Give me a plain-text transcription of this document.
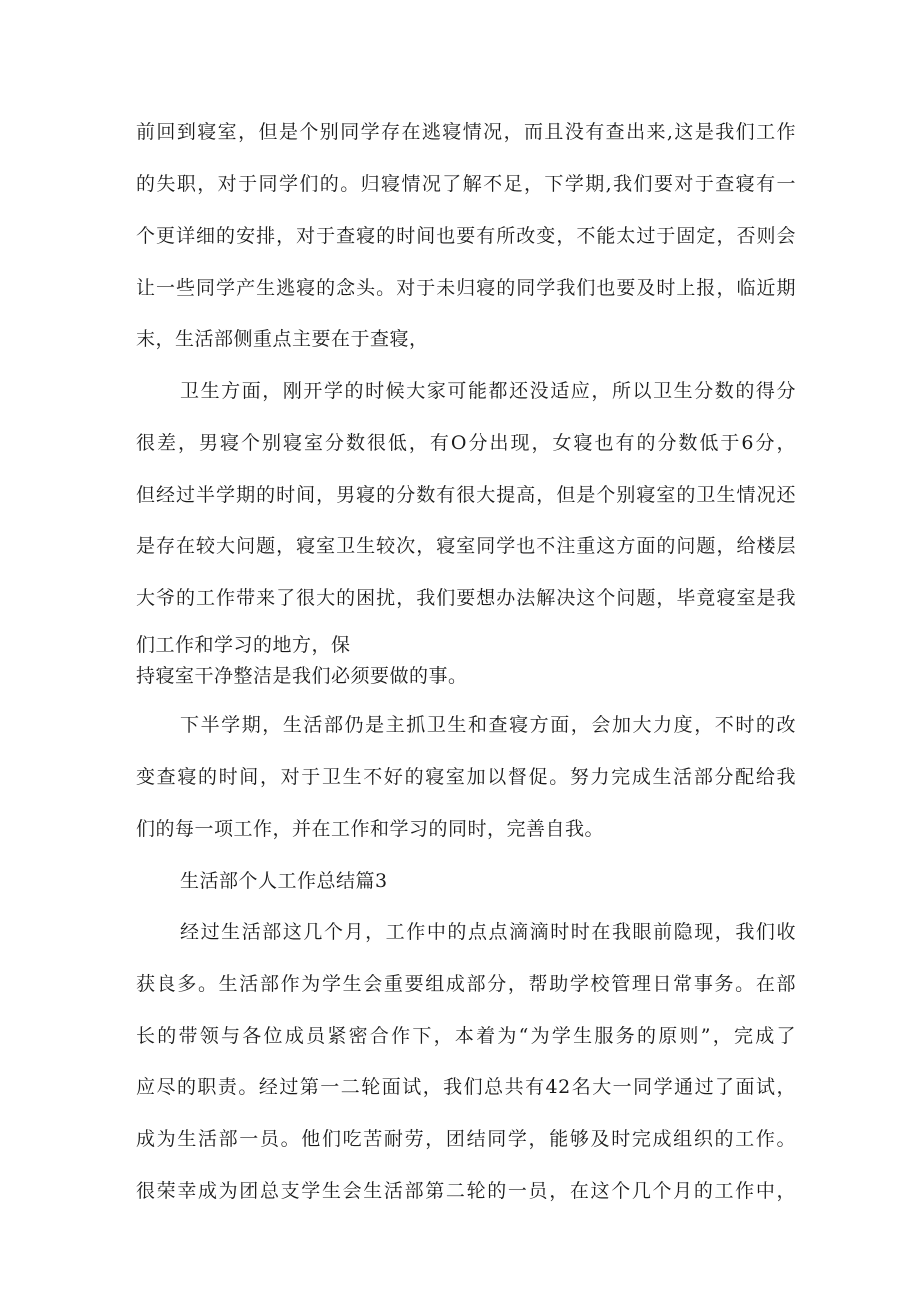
前回到寝室，但是个别同学存在逃寝情况，而且没有查出来,这是我们工作
的失职，对于同学们的。归寝情况了解不足，下学期,我们要对于查寝有一
个更详细的安排，对于查寝的时间也要有所改变，不能太过于固定，否则会
让一些同学产生逃寝的念头。对于未归寝的同学我们也要及时上报，临近期
末，生活部侧重点主要在于查寝，
卫生方面，刚开学的时候大家可能都还没适应，所以卫生分数的得分
很差，男寝个别寝室分数很低，有O分出现，女寝也有的分数低于6分，
但经过半学期的时间，男寝的分数有很大提高，但是个别寝室的卫生情况还
是存在较大问题，寝室卫生较次，寝室同学也不注重这方面的问题，给楼层
大爷的工作带来了很大的困扰，我们要想办法解决这个问题，毕竟寝室是我
们工作和学习的地方，保
持寝室干净整洁是我们必须要做的事。
下半学期，生活部仍是主抓卫生和查寝方面，会加大力度，不时的改
变查寝的时间，对于卫生不好的寝室加以督促。努力完成生活部分配给我
们的每一项工作，并在工作和学习的同时，完善自我。
生活部个人工作总结篇3
经过生活部这几个月，工作中的点点滴滴时时在我眼前隐现，我们收
获良多。生活部作为学生会重要组成部分，帮助学校管理日常事务。在部
长的带领与各位成员紧密合作下，本着为“为学生服务的原则”，完成了
应尽的职责。经过第一二轮面试，我们总共有42名大一同学通过了面试，
成为生活部一员。他们吃苦耐劳，团结同学，能够及时完成组织的工作。
很荣幸成为团总支学生会生活部第二轮的一员，在这个几个月的工作中，
